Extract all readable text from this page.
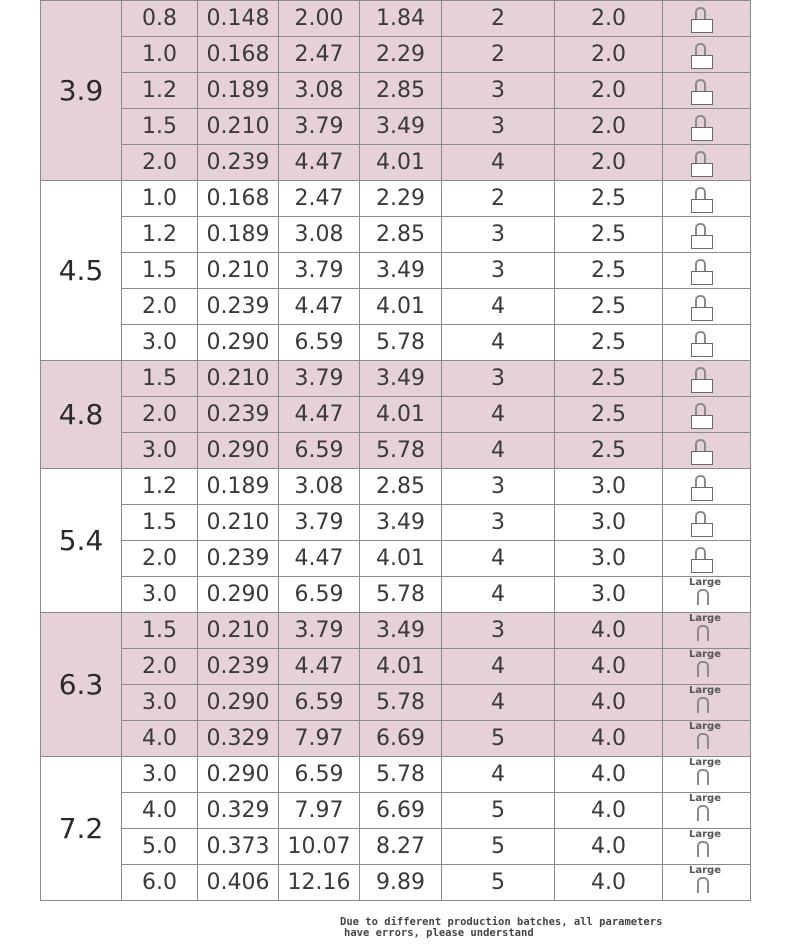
3.9	0.8	0.148	2.00	1.84	2	2.0	

	1.0	0.168	2.47	2.29	2	2.0	

	1.2	0.189	3.08	2.85	3	2.0	

	1.5	0.210	3.79	3.49	3	2.0	

	2.0	0.239	4.47	4.01	4	2.0	

4.5	1.0	0.168	2.47	2.29	2	2.5	

	1.2	0.189	3.08	2.85	3	2.5	

	1.5	0.210	3.79	3.49	3	2.5	

	2.0	0.239	4.47	4.01	4	2.5	

	3.0	0.290	6.59	5.78	4	2.5	

4.8	1.5	0.210	3.79	3.49	3	2.5	

	2.0	0.239	4.47	4.01	4	2.5	

	3.0	0.290	6.59	5.78	4	2.5	

5.4	1.2	0.189	3.08	2.85	3	3.0	

	1.5	0.210	3.79	3.49	3	3.0	

	2.0	0.239	4.47	4.01	4	3.0	

	3.0	0.290	6.59	5.78	4	3.0	Large

6.3	1.5	0.210	3.79	3.49	3	4.0	Large

	2.0	0.239	4.47	4.01	4	4.0	Large

	3.0	0.290	6.59	5.78	4	4.0	Large

	4.0	0.329	7.97	6.69	5	4.0	Large

7.2	3.0	0.290	6.59	5.78	4	4.0	Large

	4.0	0.329	7.97	6.69	5	4.0	Large

	5.0	0.373	10.07	8.27	5	4.0	Large

	6.0	0.406	12.16	9.89	5	4.0	Large
Due to different production batches, all parameters
have errors, please understand
